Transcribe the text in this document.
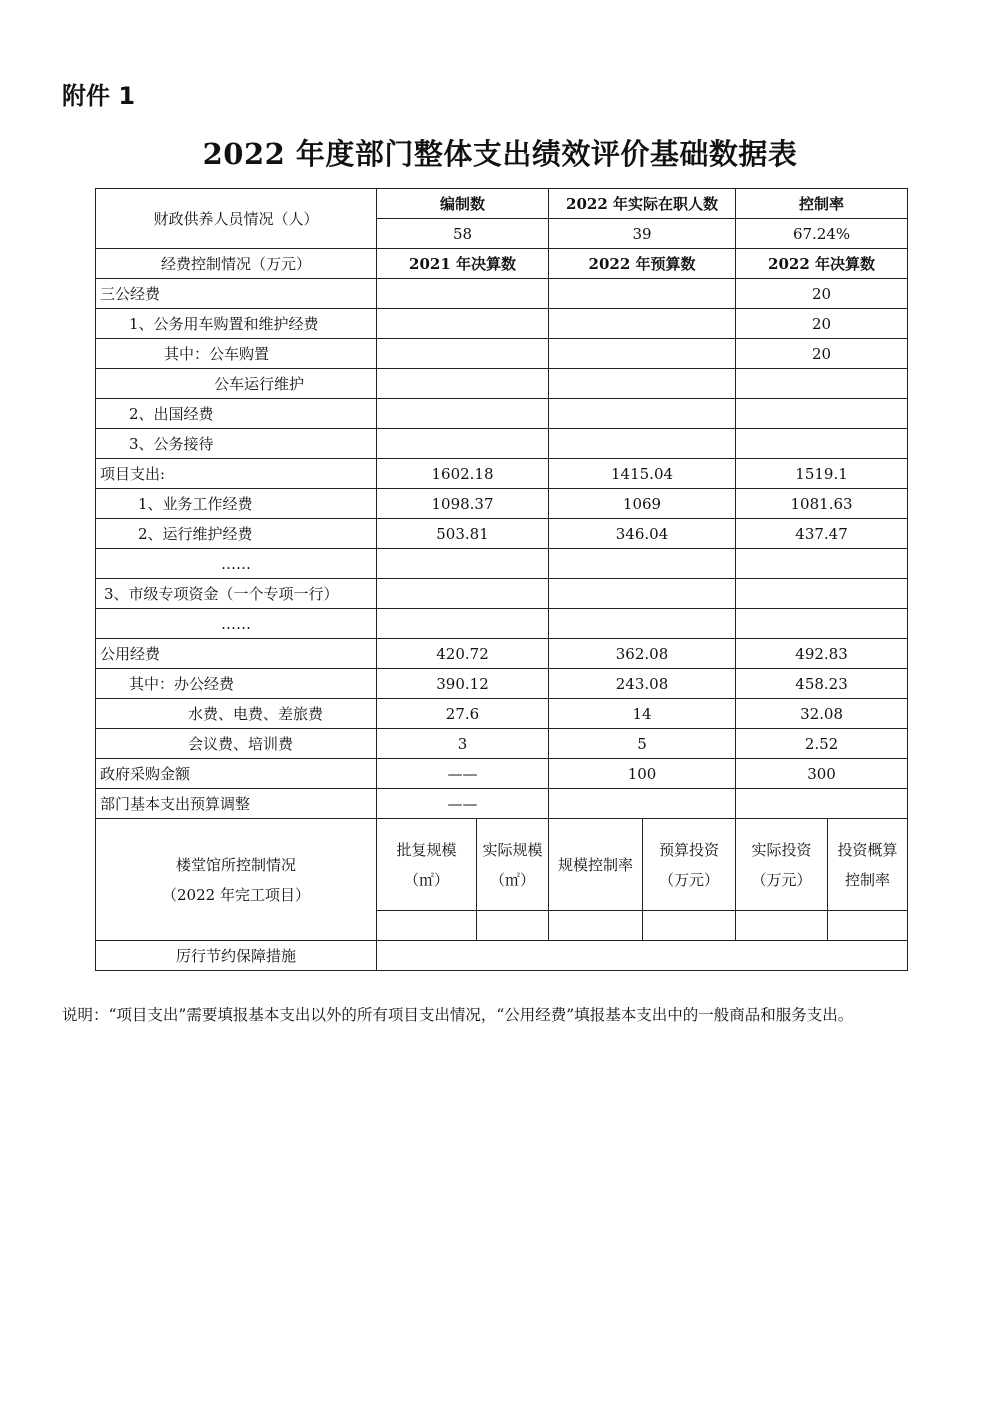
附件 1
2022 年度部门整体支出绩效评价基础数据表
财政供养人员情况（人）	编制数		2022 年实际在职人数		控制率	
	58		39		67.24%	
经费控制情况（万元）	2021 年决算数		2022 年预算数		2022 年决算数	
三公经费					20	
1、公务用车购置和维护经费					20	
其中：公车购置					20	
公车运行维护						
2、出国经费						
3、公务接待						
项目支出:	1602.18		1415.04		1519.1	
1、业务工作经费	1098.37		1069		1081.63	
2、运行维护经费	503.81		346.04		437.47	
……						
3、市级专项资金（一个专项一行）						
……						
公用经费	420.72		362.08		492.83	
其中：办公经费	390.12		243.08		458.23	
水费、电费、差旅费	27.6		14		32.08	
会议费、培训费	3		5		2.52	
政府采购金额	——		100		300	
部门基本支出预算调整	——					

楼堂馆所控制情况
（2022 年完工项目）	批复规模（㎡）	实际规模（㎡）	规模控制率	预算投资（万元）	实际投资（万元）	投资概算控制率

厉行节约保障措施						
说明：“项目支出”需要填报基本支出以外的所有项目支出情况，“公用经费”填报基本支出中的一般商品和服务支出。
